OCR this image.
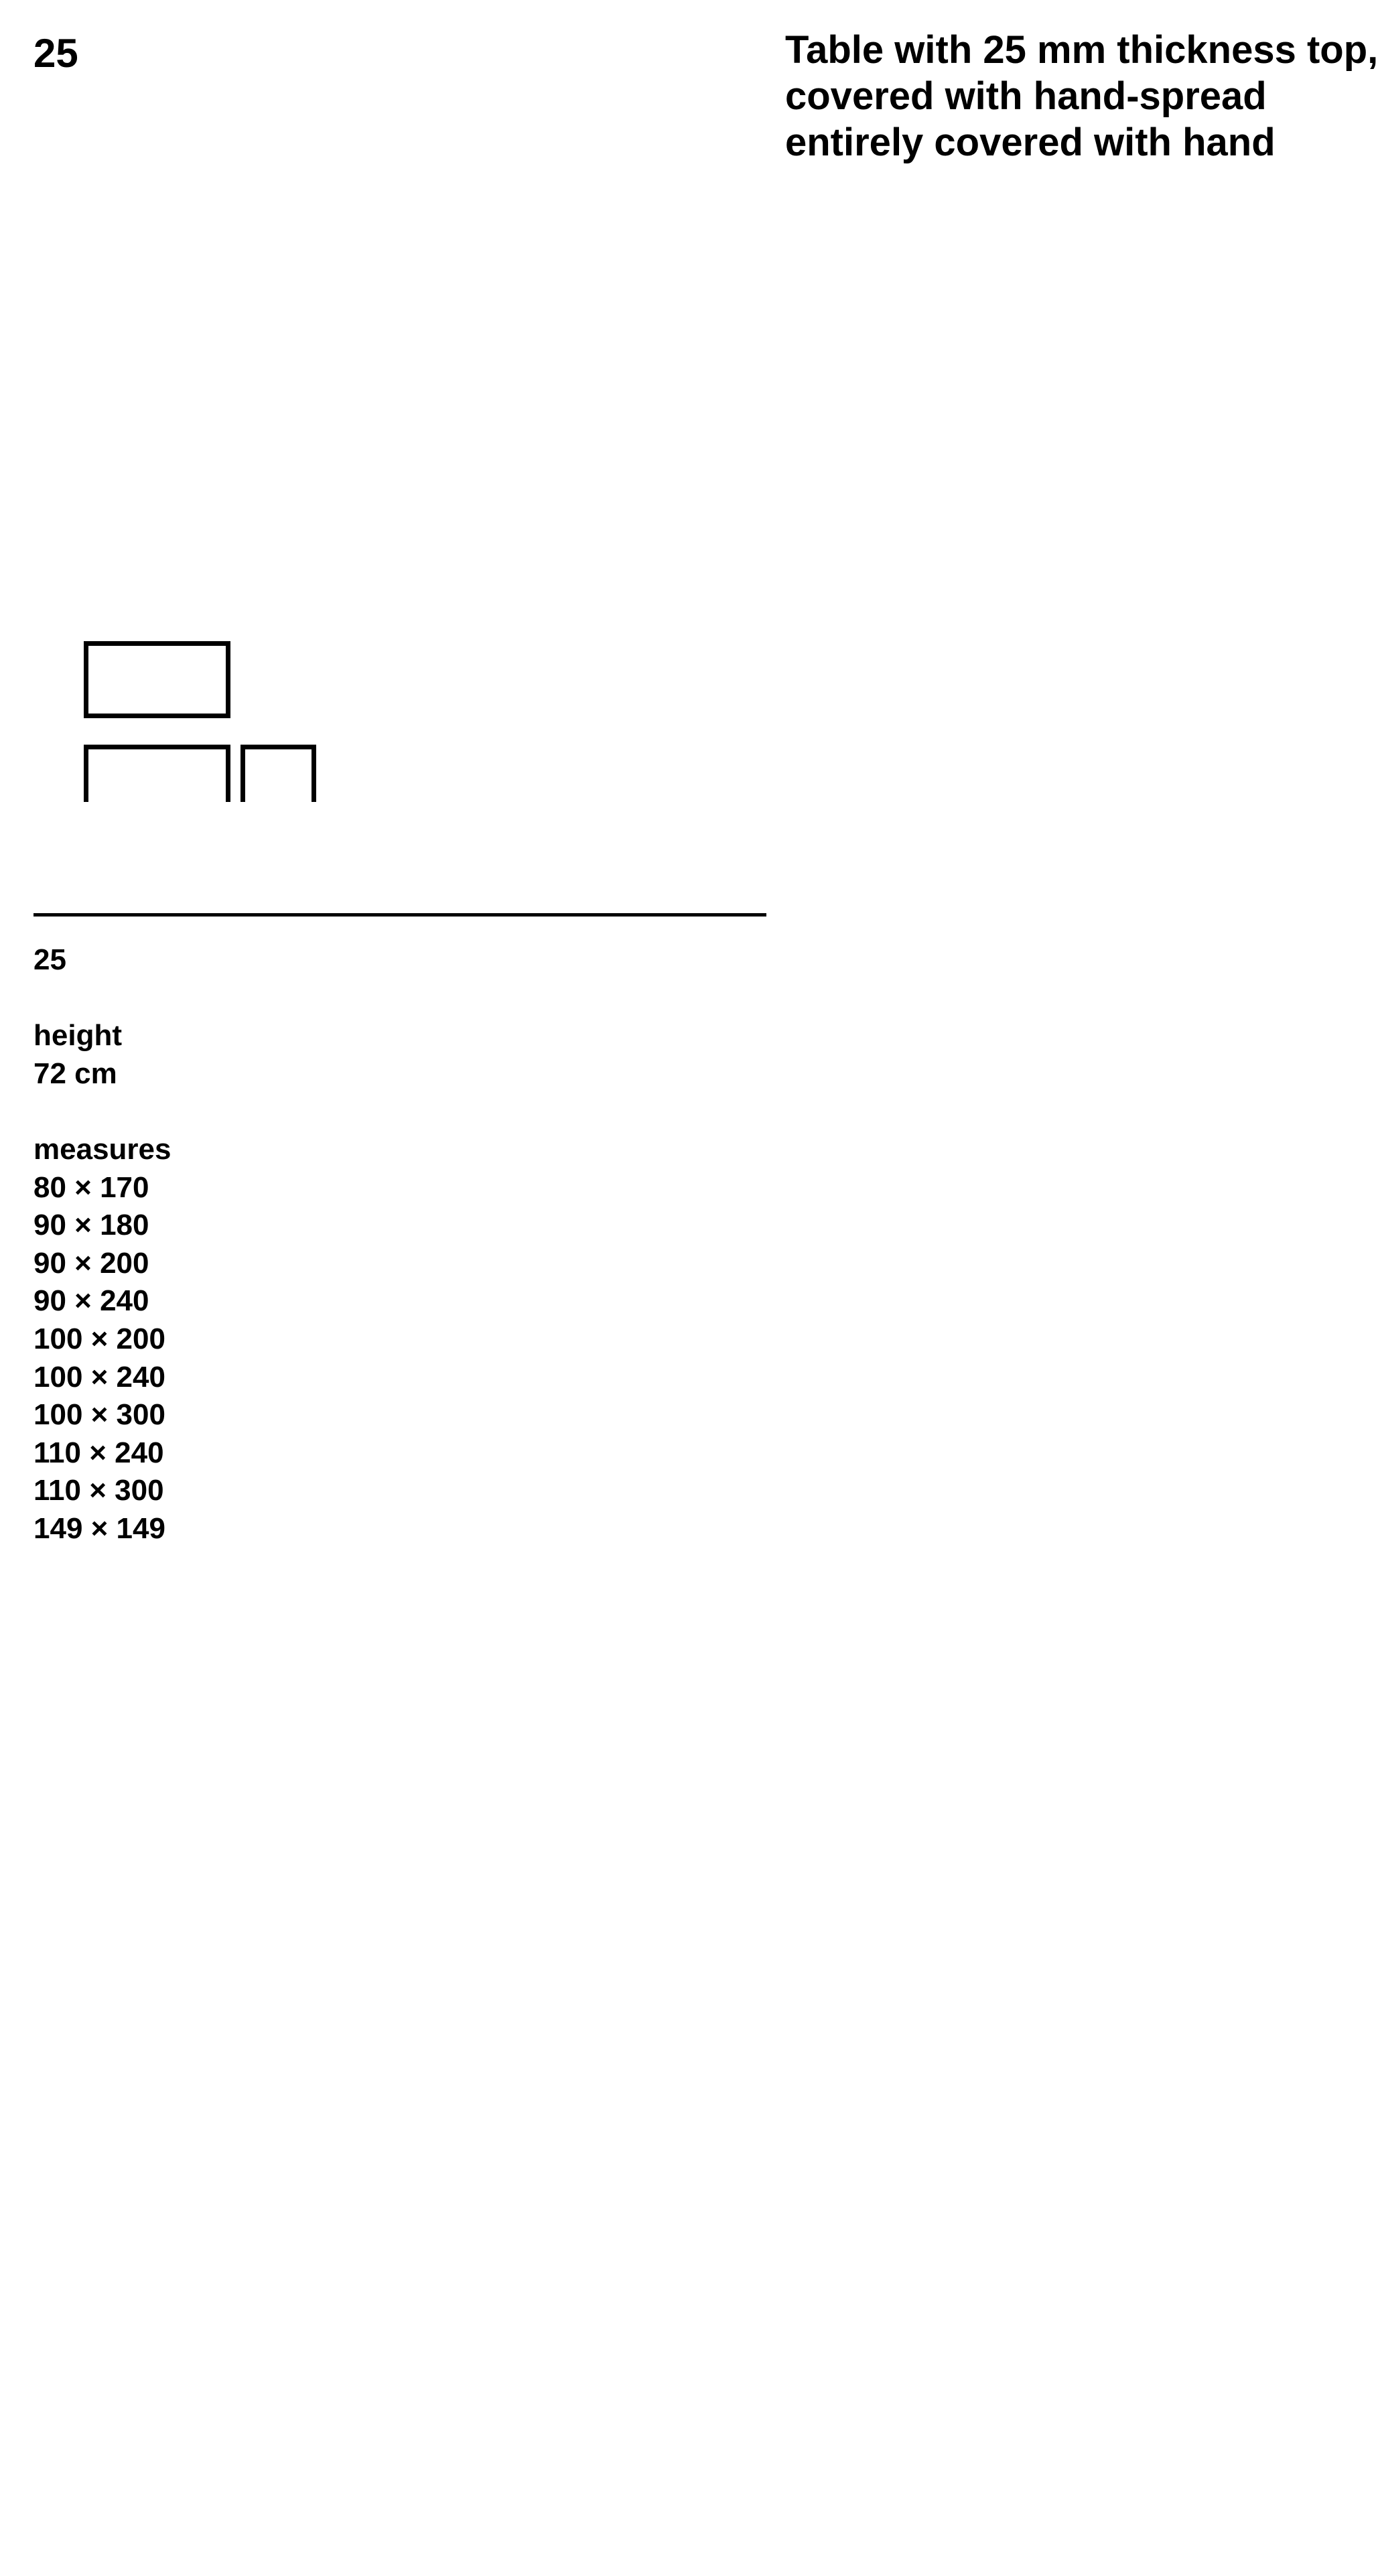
25	Table with 25 mm thickness top,
covered with hand-spread
entirely covered with hand
25
height
72 cm
measures
80 × 170
90 × 180
90 × 200
90 × 240
100 × 200
100 × 240
100 × 300
110 × 240
110 × 300
149 × 149
